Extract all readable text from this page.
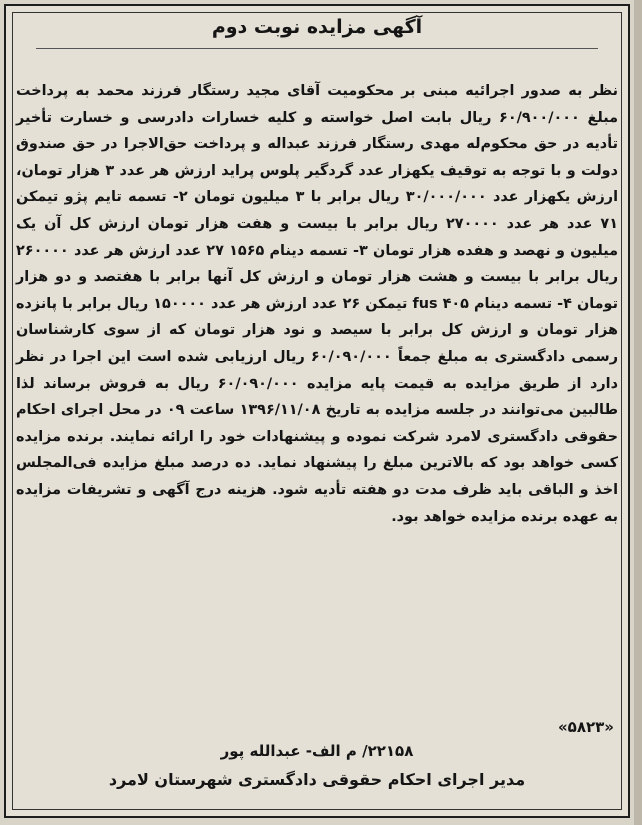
آگهی مزایده نوبت دوم
نظر به صدور اجرائیه مبنی بر محکومیت آقای مجید رستگار فرزند محمد به پرداخت مبلغ ۶۰/۹۰۰/۰۰۰ ریال بابت اصل خواسته و کلیه خسارات دادرسی و خسارت تأخیر تأدیه در حق محکوم‌له مهدی رستگار فرزند عبداله و پرداخت حق‌الاجرا در حق صندوق دولت و با توجه به توقیف یکهزار عدد گردگیر پلوس پراید ارزش هر عدد ۳ هزار تومان، ارزش یکهزار عدد ۳۰/۰۰۰/۰۰۰ ریال برابر با ۳ میلیون تومان ۲- تسمه تایم پژو تیمکن ۷۱ عدد هر عدد ۲۷۰۰۰۰ ریال برابر با بیست و هفت هزار تومان ارزش کل آن یک میلیون و نهصد و هفده هزار تومان ۳- تسمه دینام ۱۵۶۵ ۲۷ عدد ارزش هر عدد ۲۶۰۰۰۰ ریال برابر با بیست و هشت هزار تومان و ارزش کل آنها برابر با هفتصد و دو هزار تومان ۴- تسمه دینام fus ۴۰۵ تیمکن ۲۶ عدد ارزش هر عدد ۱۵۰۰۰۰ ریال برابر با پانزده هزار تومان و ارزش کل برابر با سیصد و نود هزار تومان که از سوی کارشناسان رسمی دادگستری به مبلغ جمعاً ۶۰/۰۹۰/۰۰۰ ریال ارزیابی شده است این اجرا در نظر دارد از طریق مزایده به قیمت پایه مزایده ۶۰/۰۹۰/۰۰۰ ریال به فروش برساند لذا طالبین می‌توانند در جلسه مزایده به تاریخ ۱۳۹۶/۱۱/۰۸ ساعت ۰۹ در محل اجرای احکام حقوقی دادگستری لامرد شرکت نموده و پیشنهادات خود را ارائه نمایند. برنده مزایده کسی خواهد بود که بالاترین مبلغ را پیشنهاد نماید. ده درصد مبلغ مزایده فی‌المجلس اخذ و الباقی باید ظرف مدت دو هفته تأدیه شود. هزینه درج آگهی و تشریفات مزایده به عهده برنده مزایده خواهد بود.
«۵۸۲۳»
۲۲۱۵۸/ م الف- عبدالله پور
مدیر اجرای احکام حقوقی دادگستری شهرستان لامرد
